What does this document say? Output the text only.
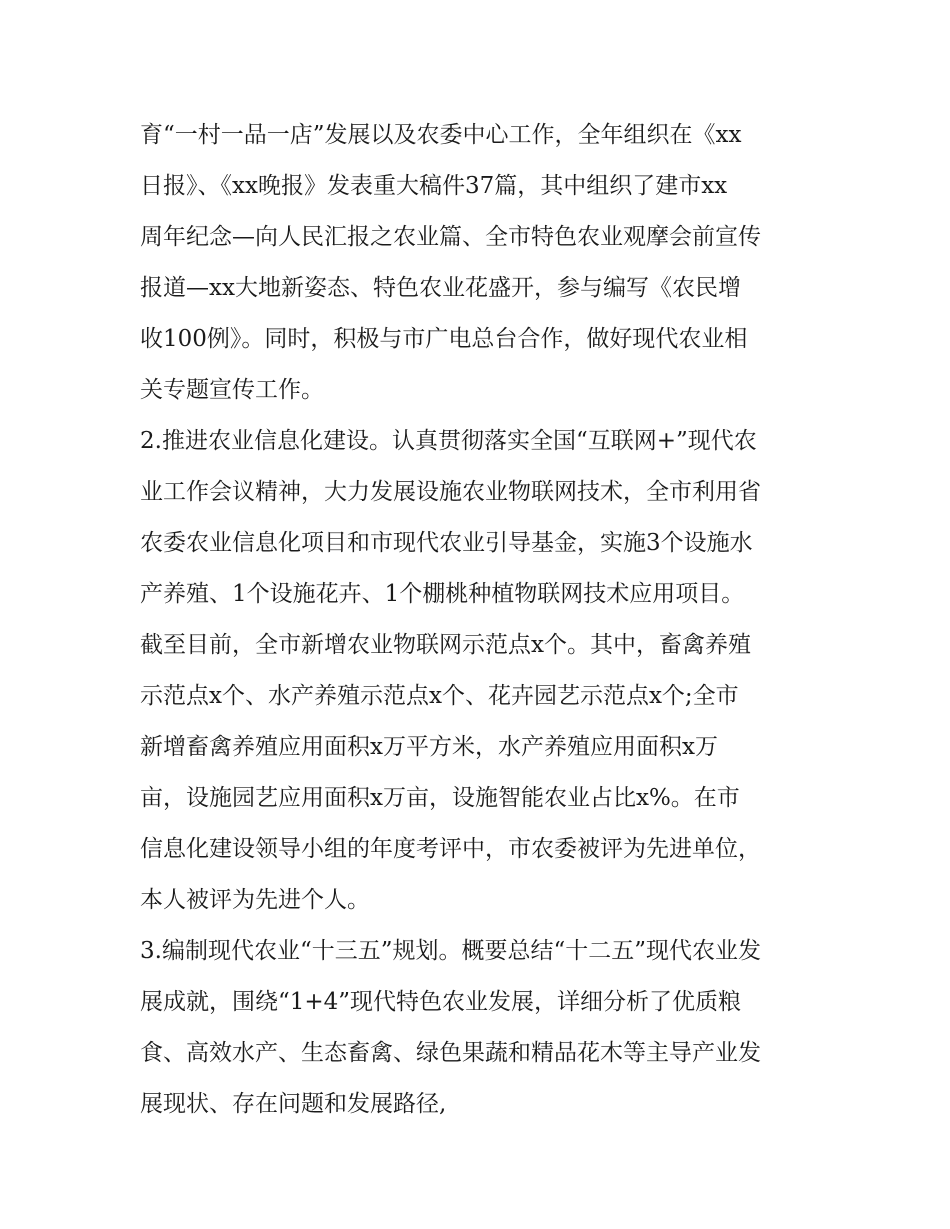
育“一村一品一店”发展以及农委中心工作，全年组织在《xx
日报》、《xx晚报》发表重大稿件37篇，其中组织了建市xx
周年纪念—向人民汇报之农业篇、全市特色农业观摩会前宣传
报道—xx大地新姿态、特色农业花盛开，参与编写《农民增
收100例》。同时，积极与市广电总台合作，做好现代农业相
关专题宣传工作。
2.推进农业信息化建设。认真贯彻落实全国“互联网+”现代农
业工作会议精神，大力发展设施农业物联网技术，全市利用省
农委农业信息化项目和市现代农业引导基金，实施3个设施水
产养殖、1个设施花卉、1个棚桃种植物联网技术应用项目。
截至目前，全市新增农业物联网示范点x个。其中，畜禽养殖
示范点x个、水产养殖示范点x个、花卉园艺示范点x个;全市
新增畜禽养殖应用面积x万平方米，水产养殖应用面积x万
亩，设施园艺应用面积x万亩，设施智能农业占比x%。在市
信息化建设领导小组的年度考评中，市农委被评为先进单位，
本人被评为先进个人。
3.编制现代农业“十三五”规划。概要总结“十二五”现代农业发
展成就，围绕“1+4”现代特色农业发展，详细分析了优质粮
食、高效水产、生态畜禽、绿色果蔬和精品花木等主导产业发
展现状、存在问题和发展路径,
